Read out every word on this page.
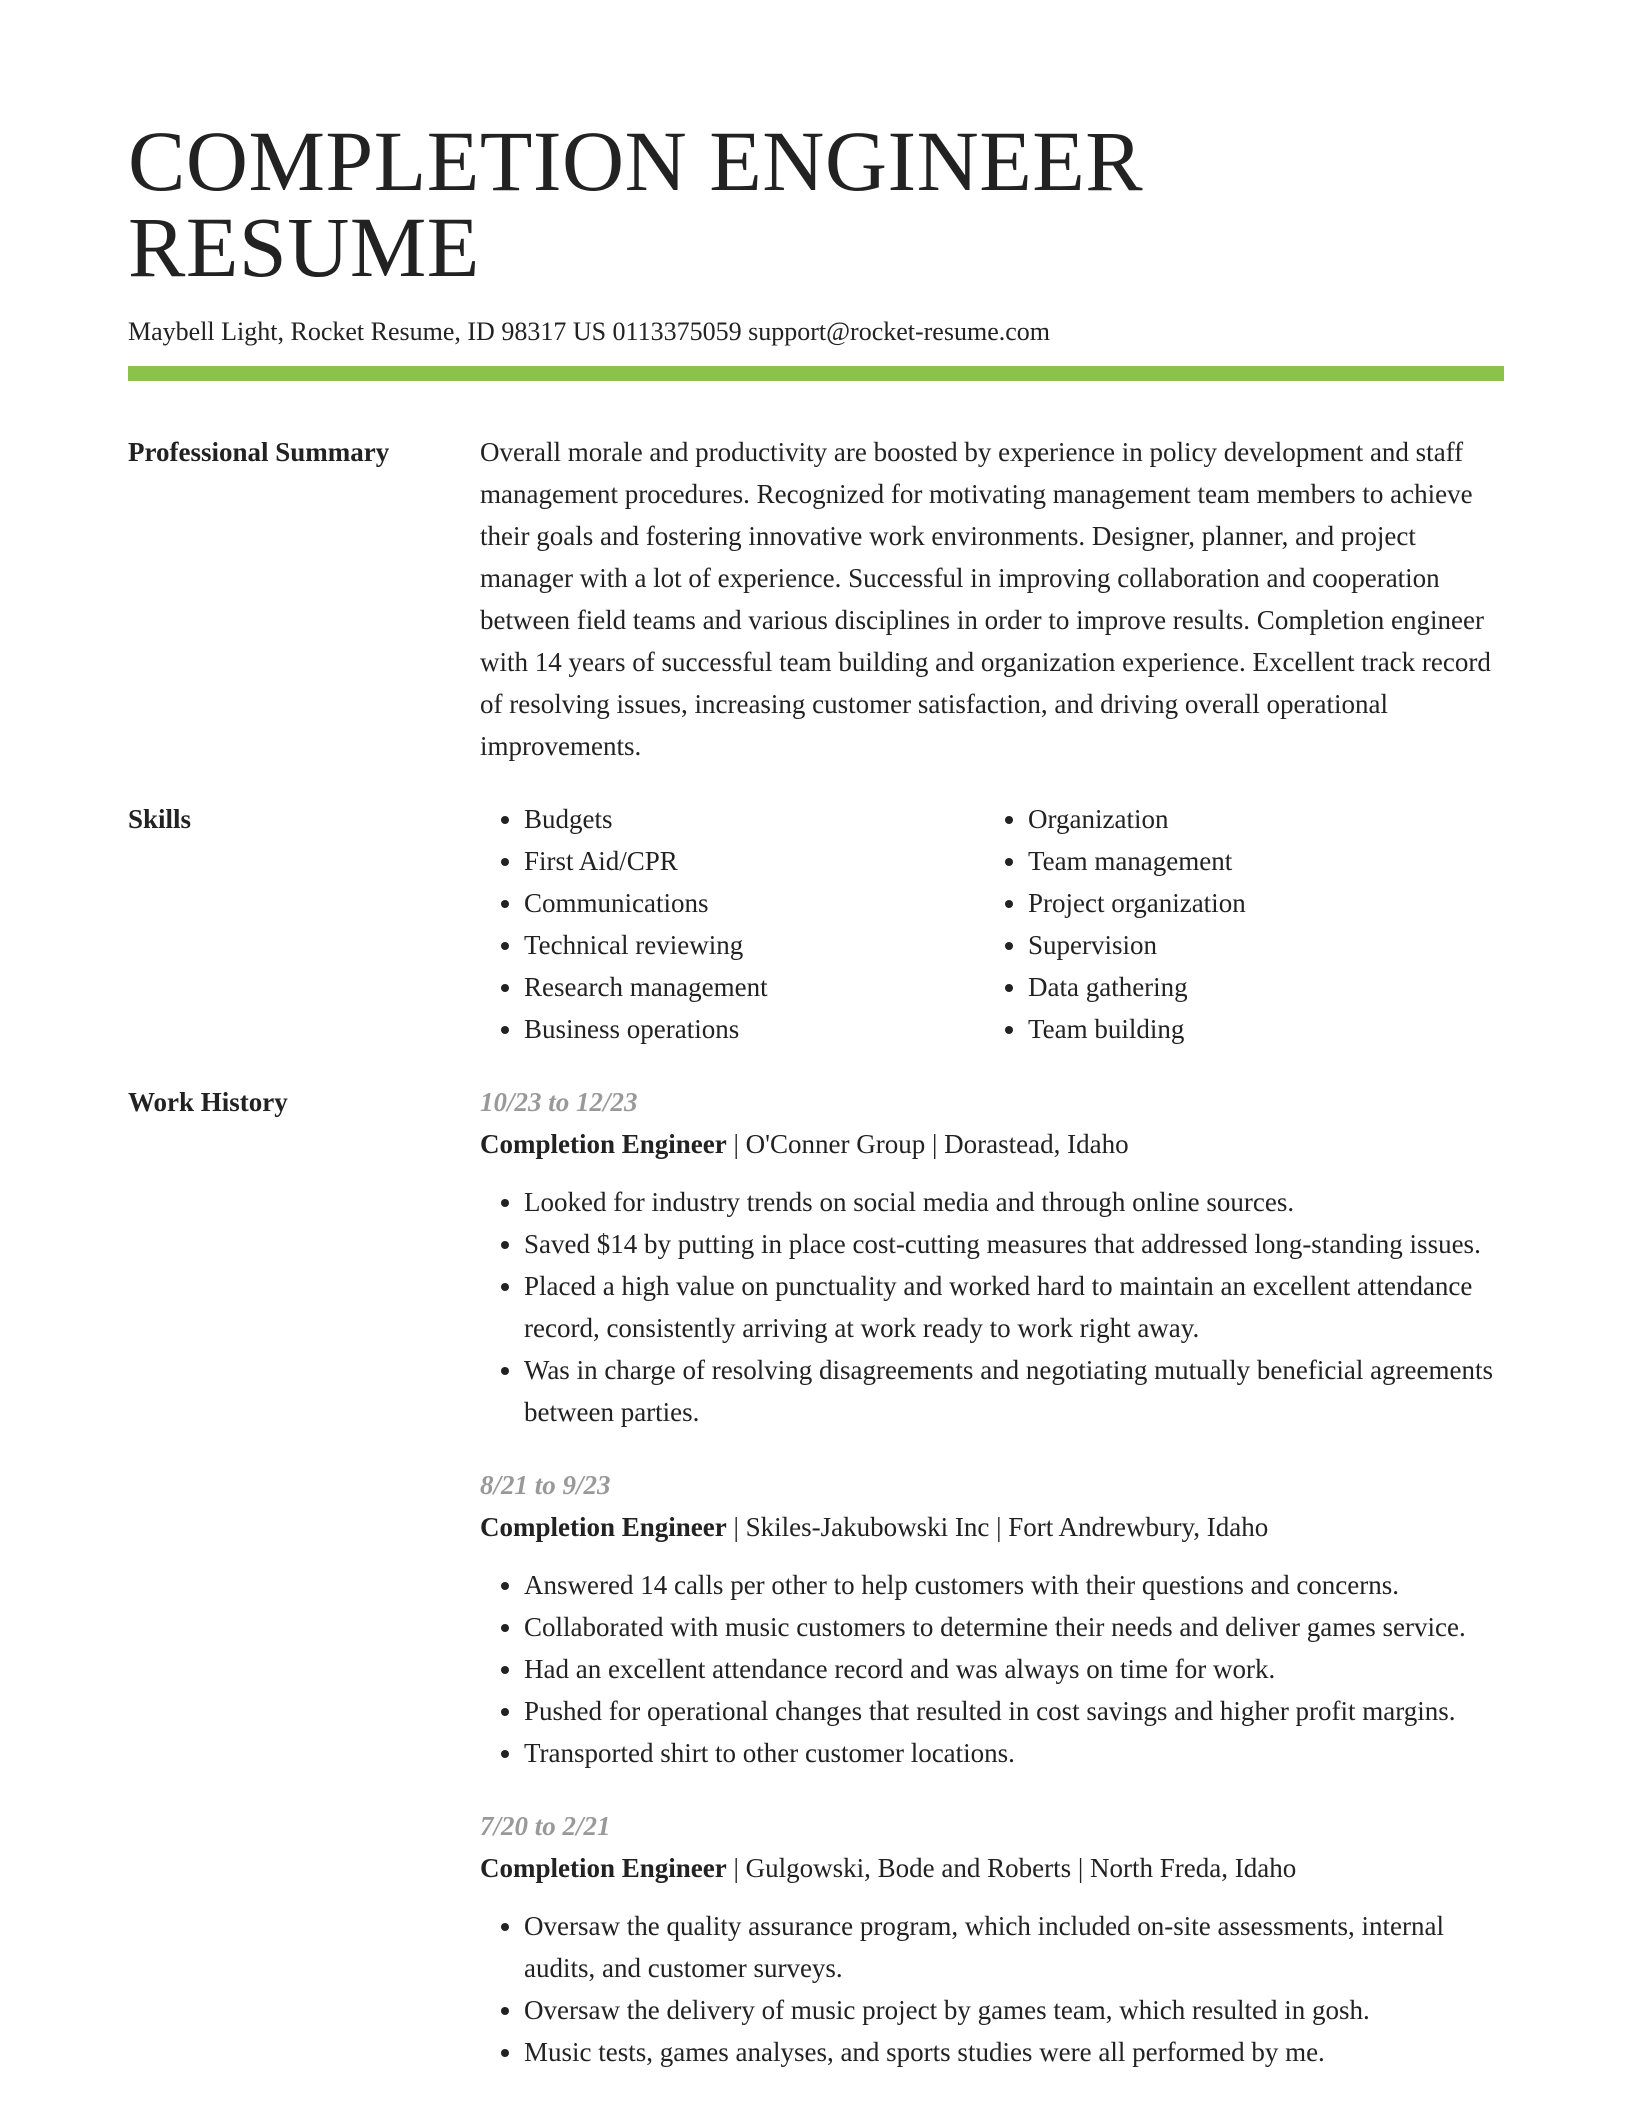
COMPLETION ENGINEER RESUME
Maybell Light, Rocket Resume, ID 98317 US 0113375059 support@rocket-resume.com
Professional Summary	Overall morale and productivity are boosted by experience in policy development and staff management procedures. Recognized for motivating management team members to achieve their goals and fostering innovative work environments. Designer, planner, and project manager with a lot of experience. Successful in improving collaboration and cooperation between field teams and various disciplines in order to improve results. Completion engineer with 14 years of successful team building and organization experience. Excellent track record of resolving issues, increasing customer satisfaction, and driving overall operational improvements.

Skills
•	Budgets
• First Aid/CPR
• Communications
• Technical reviewing
• Research management
• Business operations
• Organization
• Team management
• Project organization
• Supervision
• Data gathering
• Team building
Work History	10/23 to 12/23
Completion Engineer | O'Conner Group | Dorastead, Idaho
• Looked for industry trends on social media and through online sources.
• Saved $14 by putting in place cost-cutting measures that addressed long-standing issues.
• Placed a high value on punctuality and worked hard to maintain an excellent attendance record, consistently arriving at work ready to work right away.
• Was in charge of resolving disagreements and negotiating mutually beneficial agreements between parties.
8/21 to 9/23
Completion Engineer | Skiles-Jakubowski Inc | Fort Andrewbury, Idaho
• Answered 14 calls per other to help customers with their questions and concerns.
• Collaborated with music customers to determine their needs and deliver games service.
• Had an excellent attendance record and was always on time for work.
• Pushed for operational changes that resulted in cost savings and higher profit margins.
• Transported shirt to other customer locations.
7/20 to 2/21
Completion Engineer | Gulgowski, Bode and Roberts | North Freda, Idaho
• Oversaw the quality assurance program, which included on-site assessments, internal audits, and customer surveys.
• Oversaw the delivery of music project by games team, which resulted in gosh.
• Music tests, games analyses, and sports studies were all performed by me.
